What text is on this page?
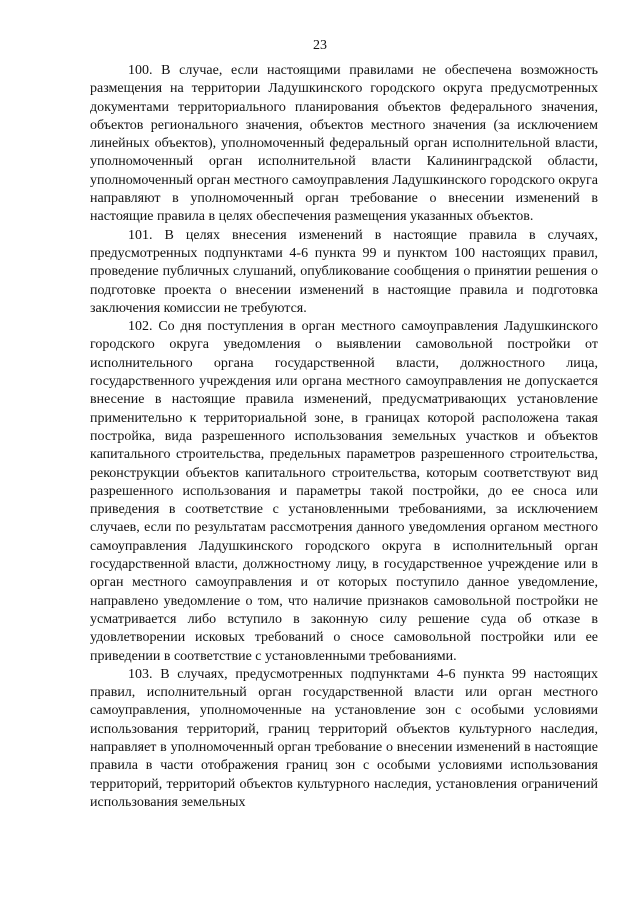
23

100. В случае, если настоящими правилами не обеспечена возможность размещения на территории Ладушкинского городского округа предусмотренных документами территориального планирования объектов федерального значения, объектов регионального значения, объектов местного значения (за исключением линейных объектов), уполномоченный федеральный орган исполнительной власти, уполномоченный орган исполнительной власти Калининградской области, уполномоченный орган местного самоуправления Ладушкинского городского округа направляют в уполномоченный орган требование о внесении изменений в настоящие правила в целях обеспечения размещения указанных объектов.

101. В целях внесения изменений в настоящие правила в случаях, предусмотренных подпунктами 4-6 пункта 99 и пунктом 100 настоящих правил, проведение публичных слушаний, опубликование сообщения о принятии решения о подготовке проекта о внесении изменений в настоящие правила и подготовка заключения комиссии не требуются.

102. Со дня поступления в орган местного самоуправления Ладушкинского городского округа уведомления о выявлении самовольной постройки от исполнительного органа государственной власти, должностного лица, государственного учреждения или органа местного самоуправления не допускается внесение в настоящие правила изменений, предусматривающих установление применительно к территориальной зоне, в границах которой расположена такая постройка, вида разрешенного использования земельных участков и объектов капитального строительства, предельных параметров разрешенного строительства, реконструкции объектов капитального строительства, которым соответствуют вид разрешенного использования и параметры такой постройки, до ее сноса или приведения в соответствие с установленными требованиями, за исключением случаев, если по результатам рассмотрения данного уведомления органом местного самоуправления Ладушкинского городского округа в исполнительный орган государственной власти, должностному лицу, в государственное учреждение или в орган местного самоуправления и от которых поступило данное уведомление, направлено уведомление о том, что наличие признаков самовольной постройки не усматривается либо вступило в законную силу решение суда об отказе в удовлетворении исковых требований о сносе самовольной постройки или ее приведении в соответствие с установленными требованиями.

103. В случаях, предусмотренных подпунктами 4-6 пункта 99 настоящих правил, исполнительный орган государственной власти или орган местного самоуправления, уполномоченные на установление зон с особыми условиями использования территорий, границ территорий объектов культурного наследия, направляет в уполномоченный орган требование о внесении изменений в настоящие правила в части отображения границ зон с особыми условиями использования территорий, территорий объектов культурного наследия, установления ограничений использования земельных
